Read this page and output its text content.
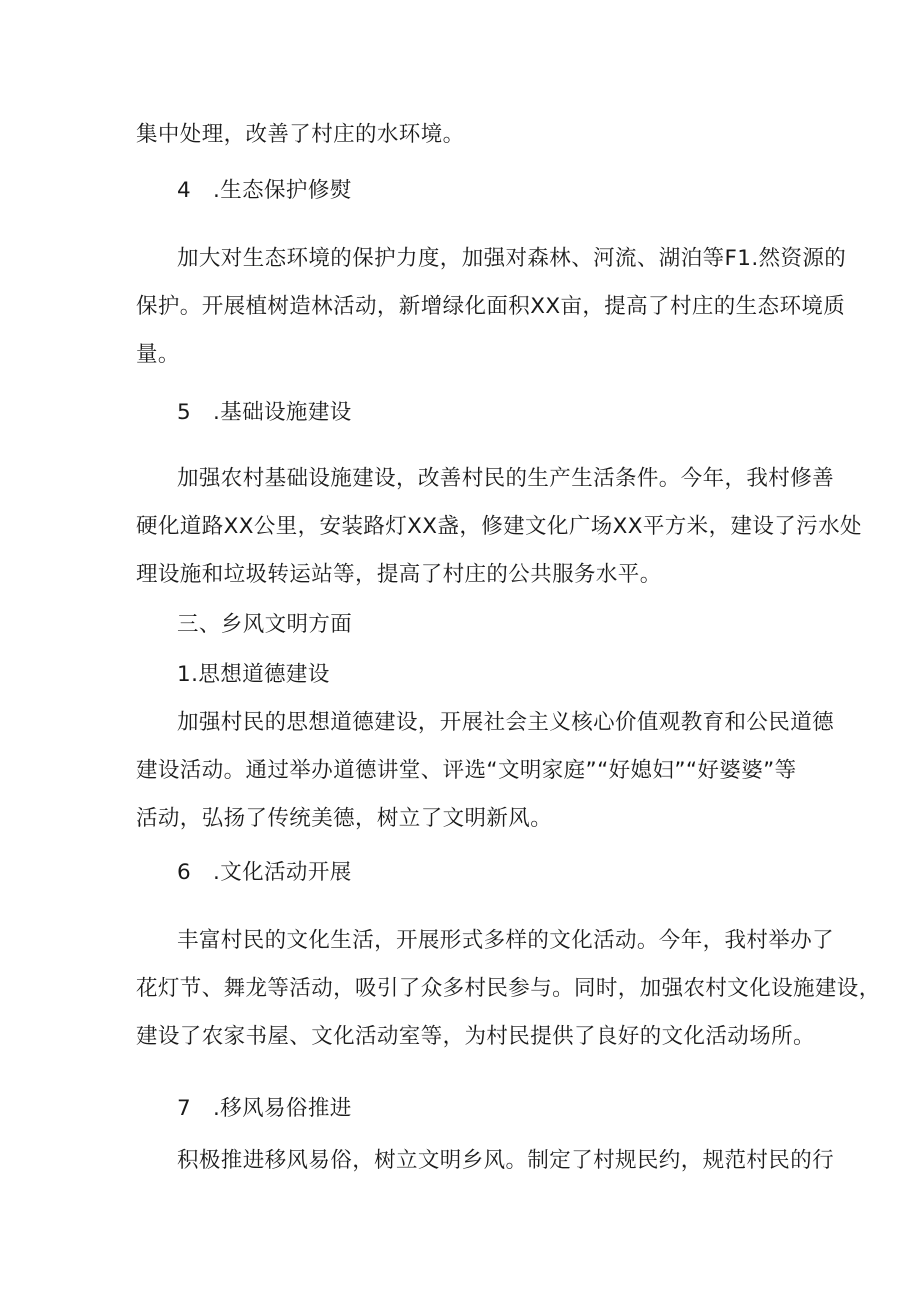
集中处理，改善了村庄的水环境。
4　.生态保护修熨
加大对生态环境的保护力度，加强对森林、河流、湖泊等F1.然资源的
保护。开展植树造林活动，新增绿化面积XX亩，提高了村庄的生态环境质
量。
5　.基础设施建设
加强农村基础设施建设，改善村民的生产生活条件。今年，我村修善
硬化道路XX公里，安装路灯XX盏，修建文化广场XX平方米，建设了污水处
理设施和垃圾转运站等，提高了村庄的公共服务水平。
三、乡风文明方面
1.思想道德建设
加强村民的思想道德建设，开展社会主义核心价值观教育和公民道德
建设活动。通过举办道德讲堂、评选“文明家庭”“好媳妇”“好婆婆”等
活动，弘扬了传统美德，树立了文明新风。
6　.文化活动开展
丰富村民的文化生活，开展形式多样的文化活动。今年，我村举办了
花灯节、舞龙等活动，吸引了众多村民参与。同时，加强农村文化设施建设，
建设了农家书屋、文化活动室等，为村民提供了良好的文化活动场所。
7　.移风易俗推进
积极推进移风易俗，树立文明乡风。制定了村规民约，规范村民的行
